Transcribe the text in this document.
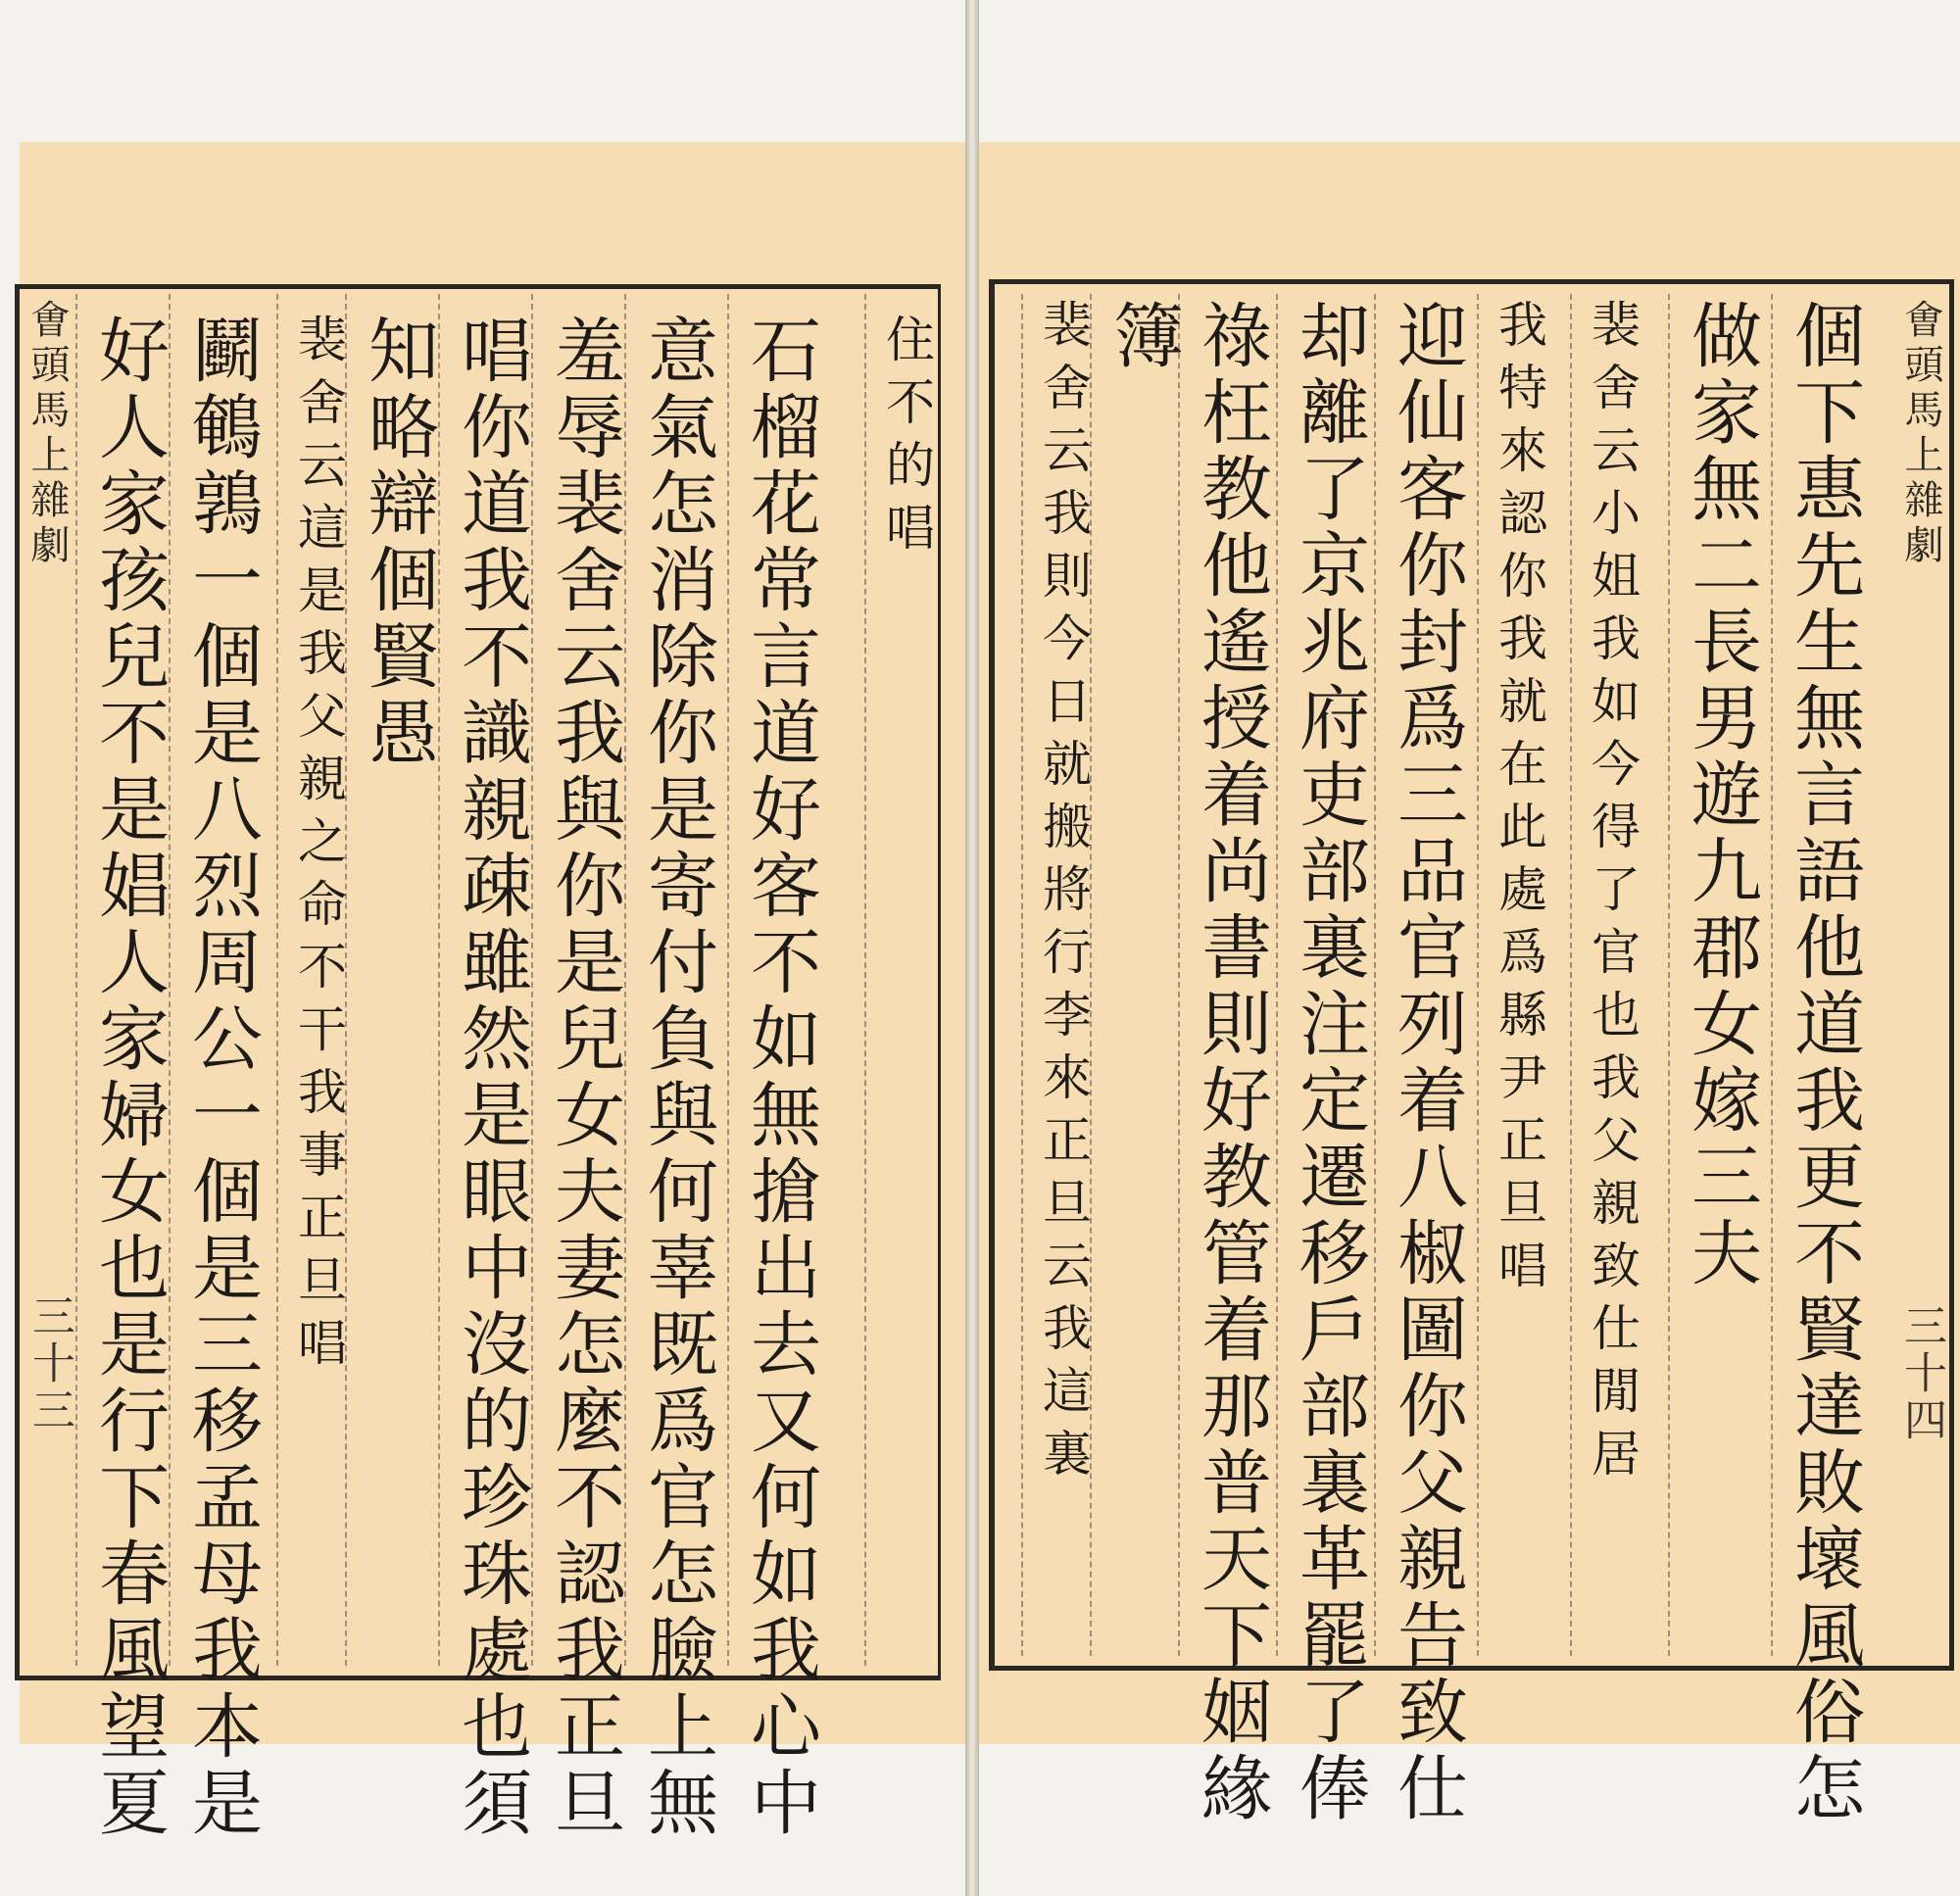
㑹頭馬上雜劇
三十三
㑹頭馬上雜劇
三十四
住不的唱
石榴花常言道好客不如無搶出去又何如我心中
意氣怎消除你是寄付負與何辜既爲官怎臉上無
羞辱裴舍云我與你是兒女夫妻怎麼不認我正旦
唱你道我不識親疎雖然是眼中沒的珍珠處也須
知略辯個賢愚
裴舍云這是我父親之命不干我事正旦唱
鬬鵪鶉一個是八烈周公一個是三移孟母我本是
好人家孩兒不是娼人家婦女也是行下春風望夏	個下惠先生無言語他道我更不賢達敗壞風俗怎
做家無二長男遊九郡女嫁三夫
裴舍云小姐我如今得了官也我父親致仕閒居
我特來認你我就在此處爲縣尹正旦唱
迎仙客你封爲三品官列着八椒圖你父親告致仕
却離了京兆府吏部裏注定遷移戶部裏革罷了俸
祿枉教他遙授着尚書則好教管着那普天下姻緣
簿
裴舍云我則今日就搬將行李來正旦云我這裏
